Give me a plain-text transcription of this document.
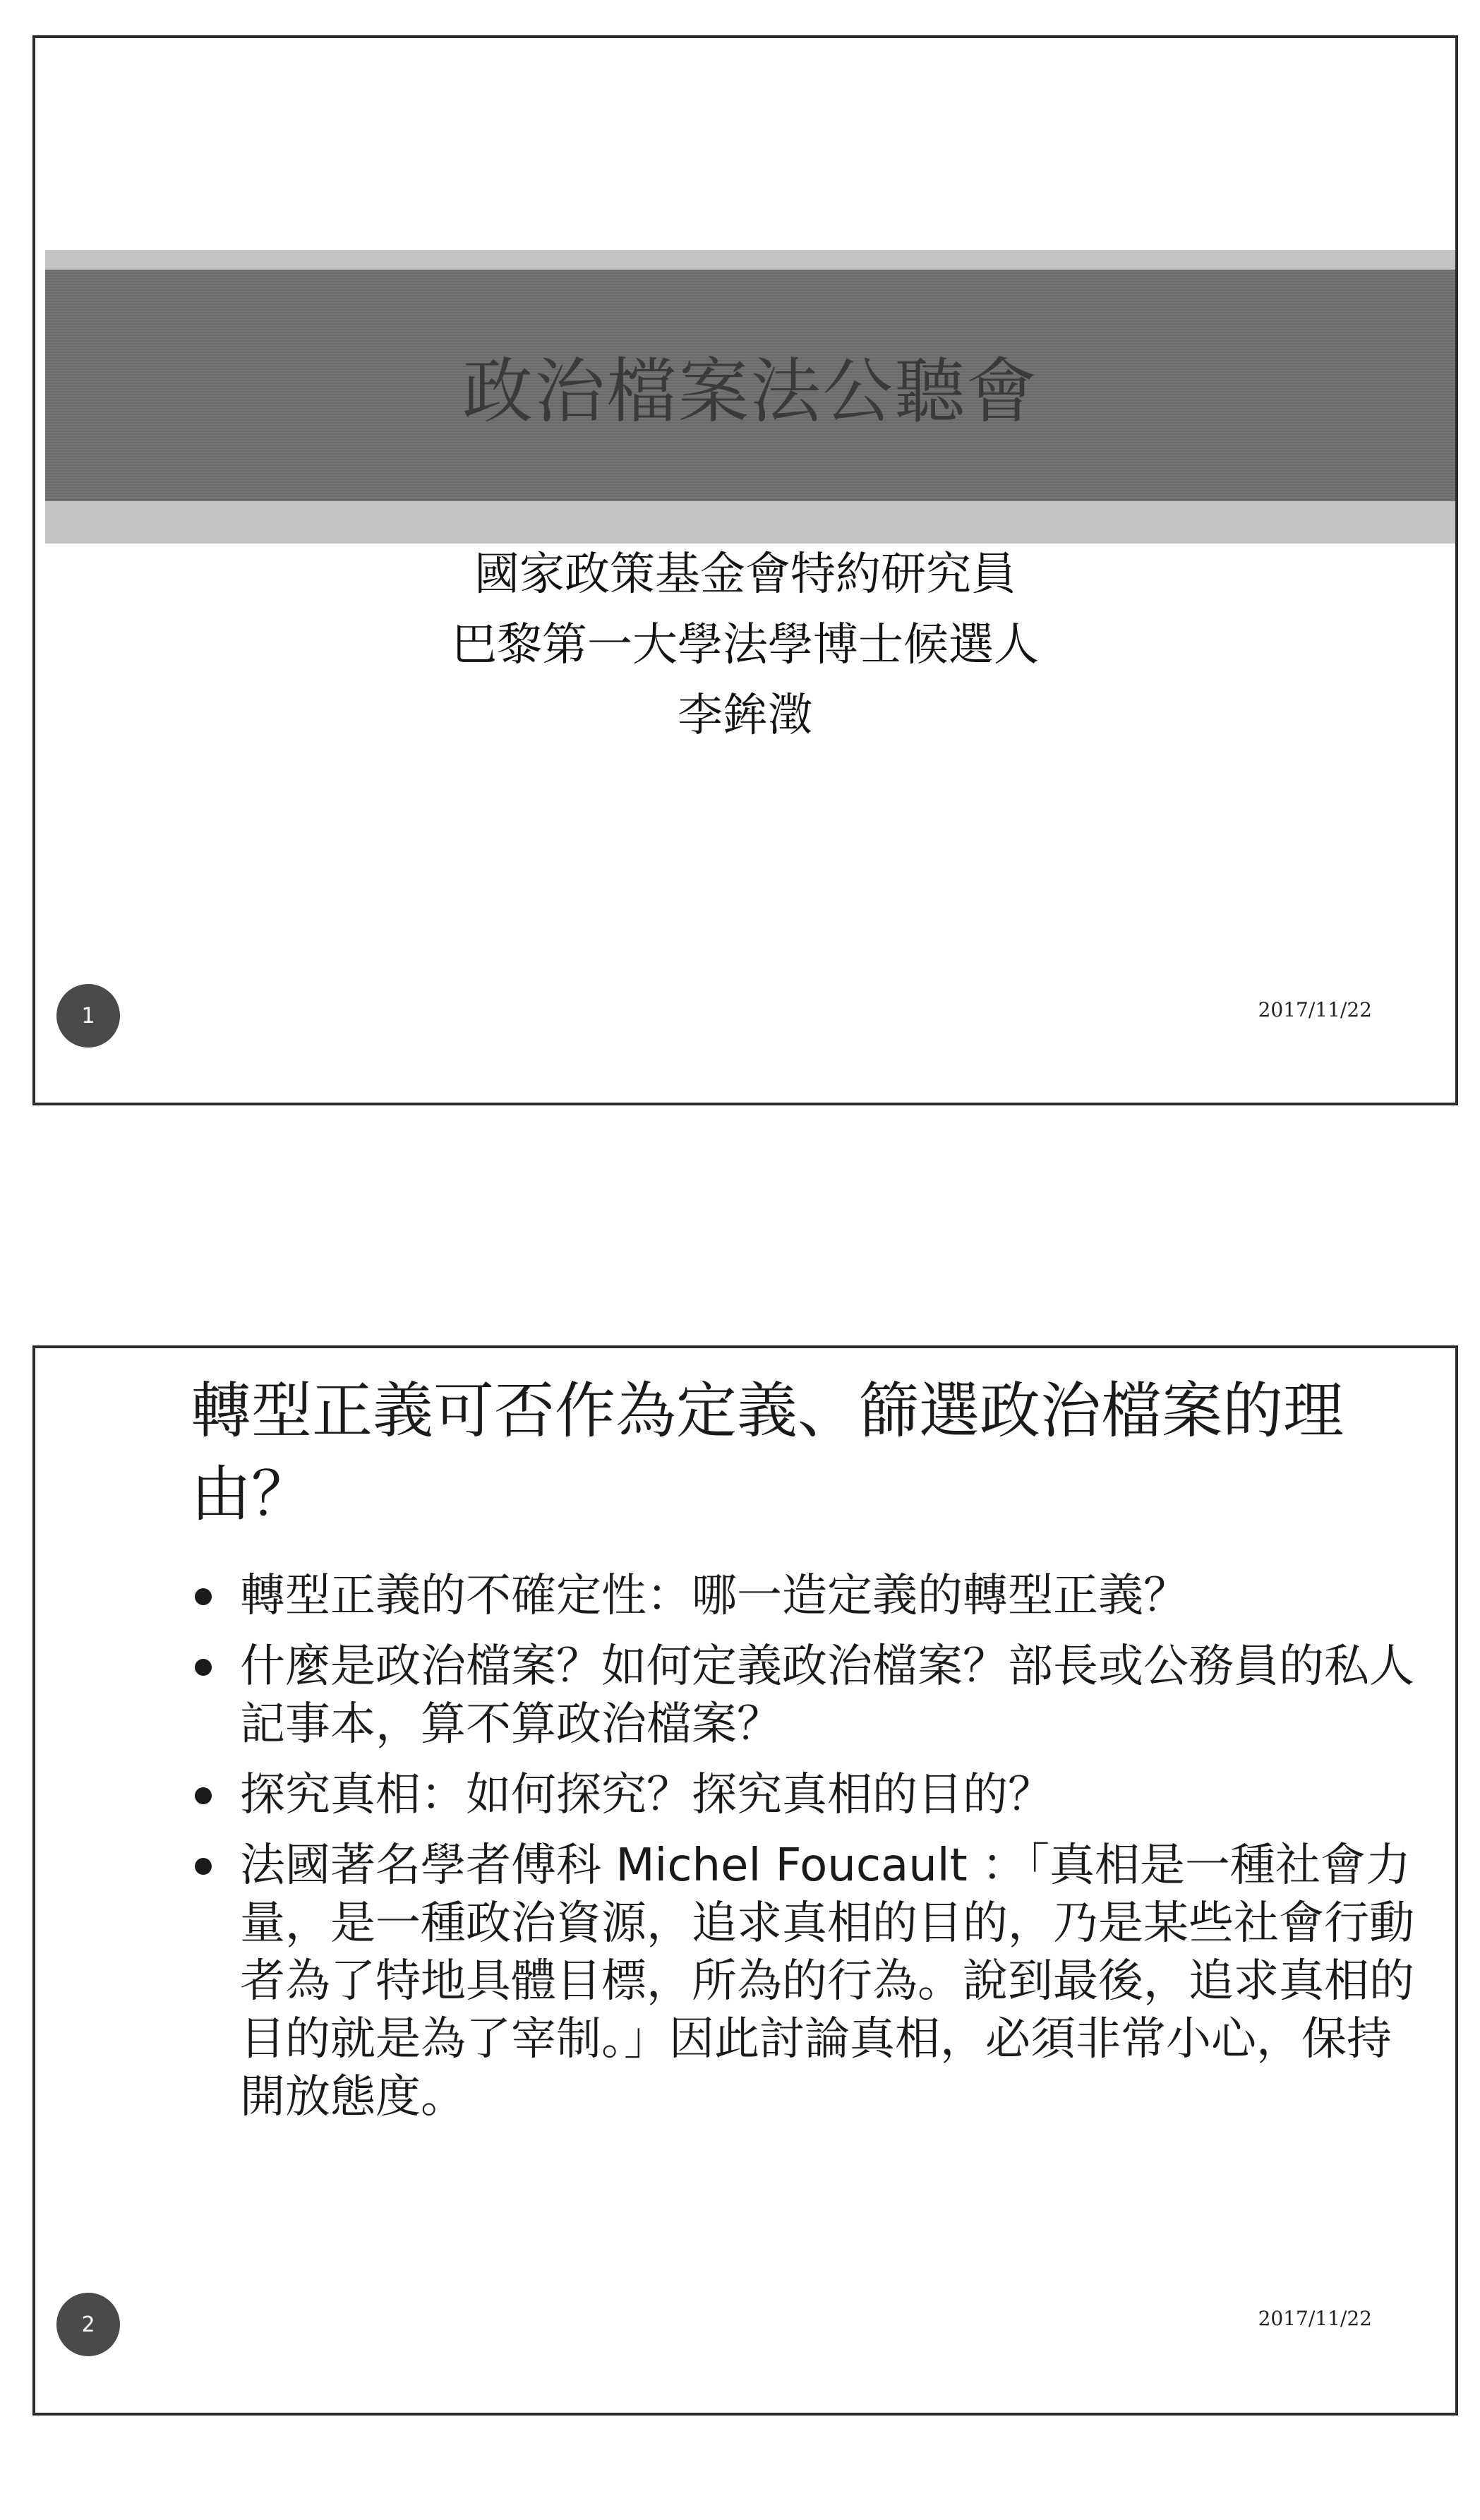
政治檔案法公聽會
國家政策基金會特約研究員
巴黎第一大學法學博士候選人
李鉾澂
1	2017/11/22
轉型正義可否作為定義、篩選政治檔案的理由？
轉型正義的不確定性：哪一造定義的轉型正義？
什麼是政治檔案？如何定義政治檔案？部長或公務員的私人記事本，算不算政治檔案？
探究真相：如何探究？探究真相的目的？
法國著名學者傅科 Michel Foucault ：「真相是一種社會力量，是一種政治資源，追求真相的目的，乃是某些社會行動者為了特地具體目標，所為的行為。說到最後，追求真相的目的就是為了宰制。」因此討論真相，必須非常小心，保持開放態度。
2	2017/11/22
